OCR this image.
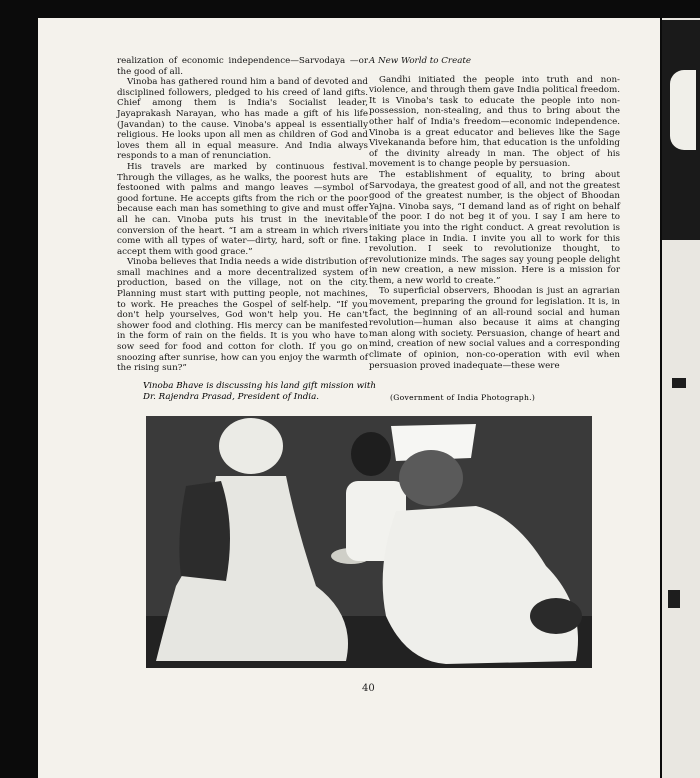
realization of economic independence—Sarvodaya —or the good of all.

Vinoba has gathered round him a band of devoted and disciplined followers, pledged to his creed of land gifts. Chief among them is India's Socialist leader, Jayaprakash Narayan, who has made a gift of his life (Javandan) to the cause. Vinoba's appeal is essentially religious. He looks upon all men as children of God and loves them all in equal measure. And India always responds to a man of renunciation.

His travels are marked by continuous festival. Through the villages, as he walks, the poorest huts are festooned with palms and mango leaves —symbol of good fortune. He accepts gifts from the rich or the poor because each man has something to give and must offer all he can. Vinoba puts his trust in the inevitable conversion of the heart. “I am a stream in which rivers come with all types of water—dirty, hard, soft or fine. I accept them with good grace.”

Vinoba believes that India needs a wide distribution of small machines and a more decentralized system of production, based on the village, not on the city. Planning must start with putting people, not machines, to work. He preaches the Gospel of self-help. “If you don't help yourselves, God won't help you. He can't shower food and clothing. His mercy can be manifested in the form of rain on the fields. It is you who have to sow seed for food and cotton for cloth. If you go on snoozing after sunrise, how can you enjoy the warmth of the rising sun?”

A New World to Create

Gandhi initiated the people into truth and non-violence, and through them gave India political freedom. It is Vinoba's task to educate the people into non-possession, non-stealing, and thus to bring about the other half of India's freedom—economic independence. Vinoba is a great educator and believes like the Sage Vivekananda before him, that education is the unfolding of the divinity already in man. The object of his movement is to change people by persuasion.

The establishment of equality, to bring about Sarvodaya, the greatest good of all, and not the greatest good of the greatest number, is the object of Bhoodan Yajna. Vinoba says, “I demand land as of right on behalf of the poor. I do not beg it of you. I say I am here to initiate you into the right conduct. A great revolution is taking place in India. I invite you all to work for this revolution. I seek to revolutionize thought, to revolutionize minds. The sages say young people delight in new creation, a new mission. Here is a mission for them, a new world to create.”

To superficial observers, Bhoodan is just an agrarian movement, preparing the ground for legislation. It is, in fact, the beginning of an all-round social and human revolution—human also because it aims at changing man along with society. Persuasion, change of heart and mind, creation of new social values and a corresponding climate of opinion, non-co-operation with evil when persuasion proved inadequate—these were

Vinoba Bhave is discussing his land gift mission with Dr. Rajendra Prasad, President of India.	(Government of India Photograph.)
40
